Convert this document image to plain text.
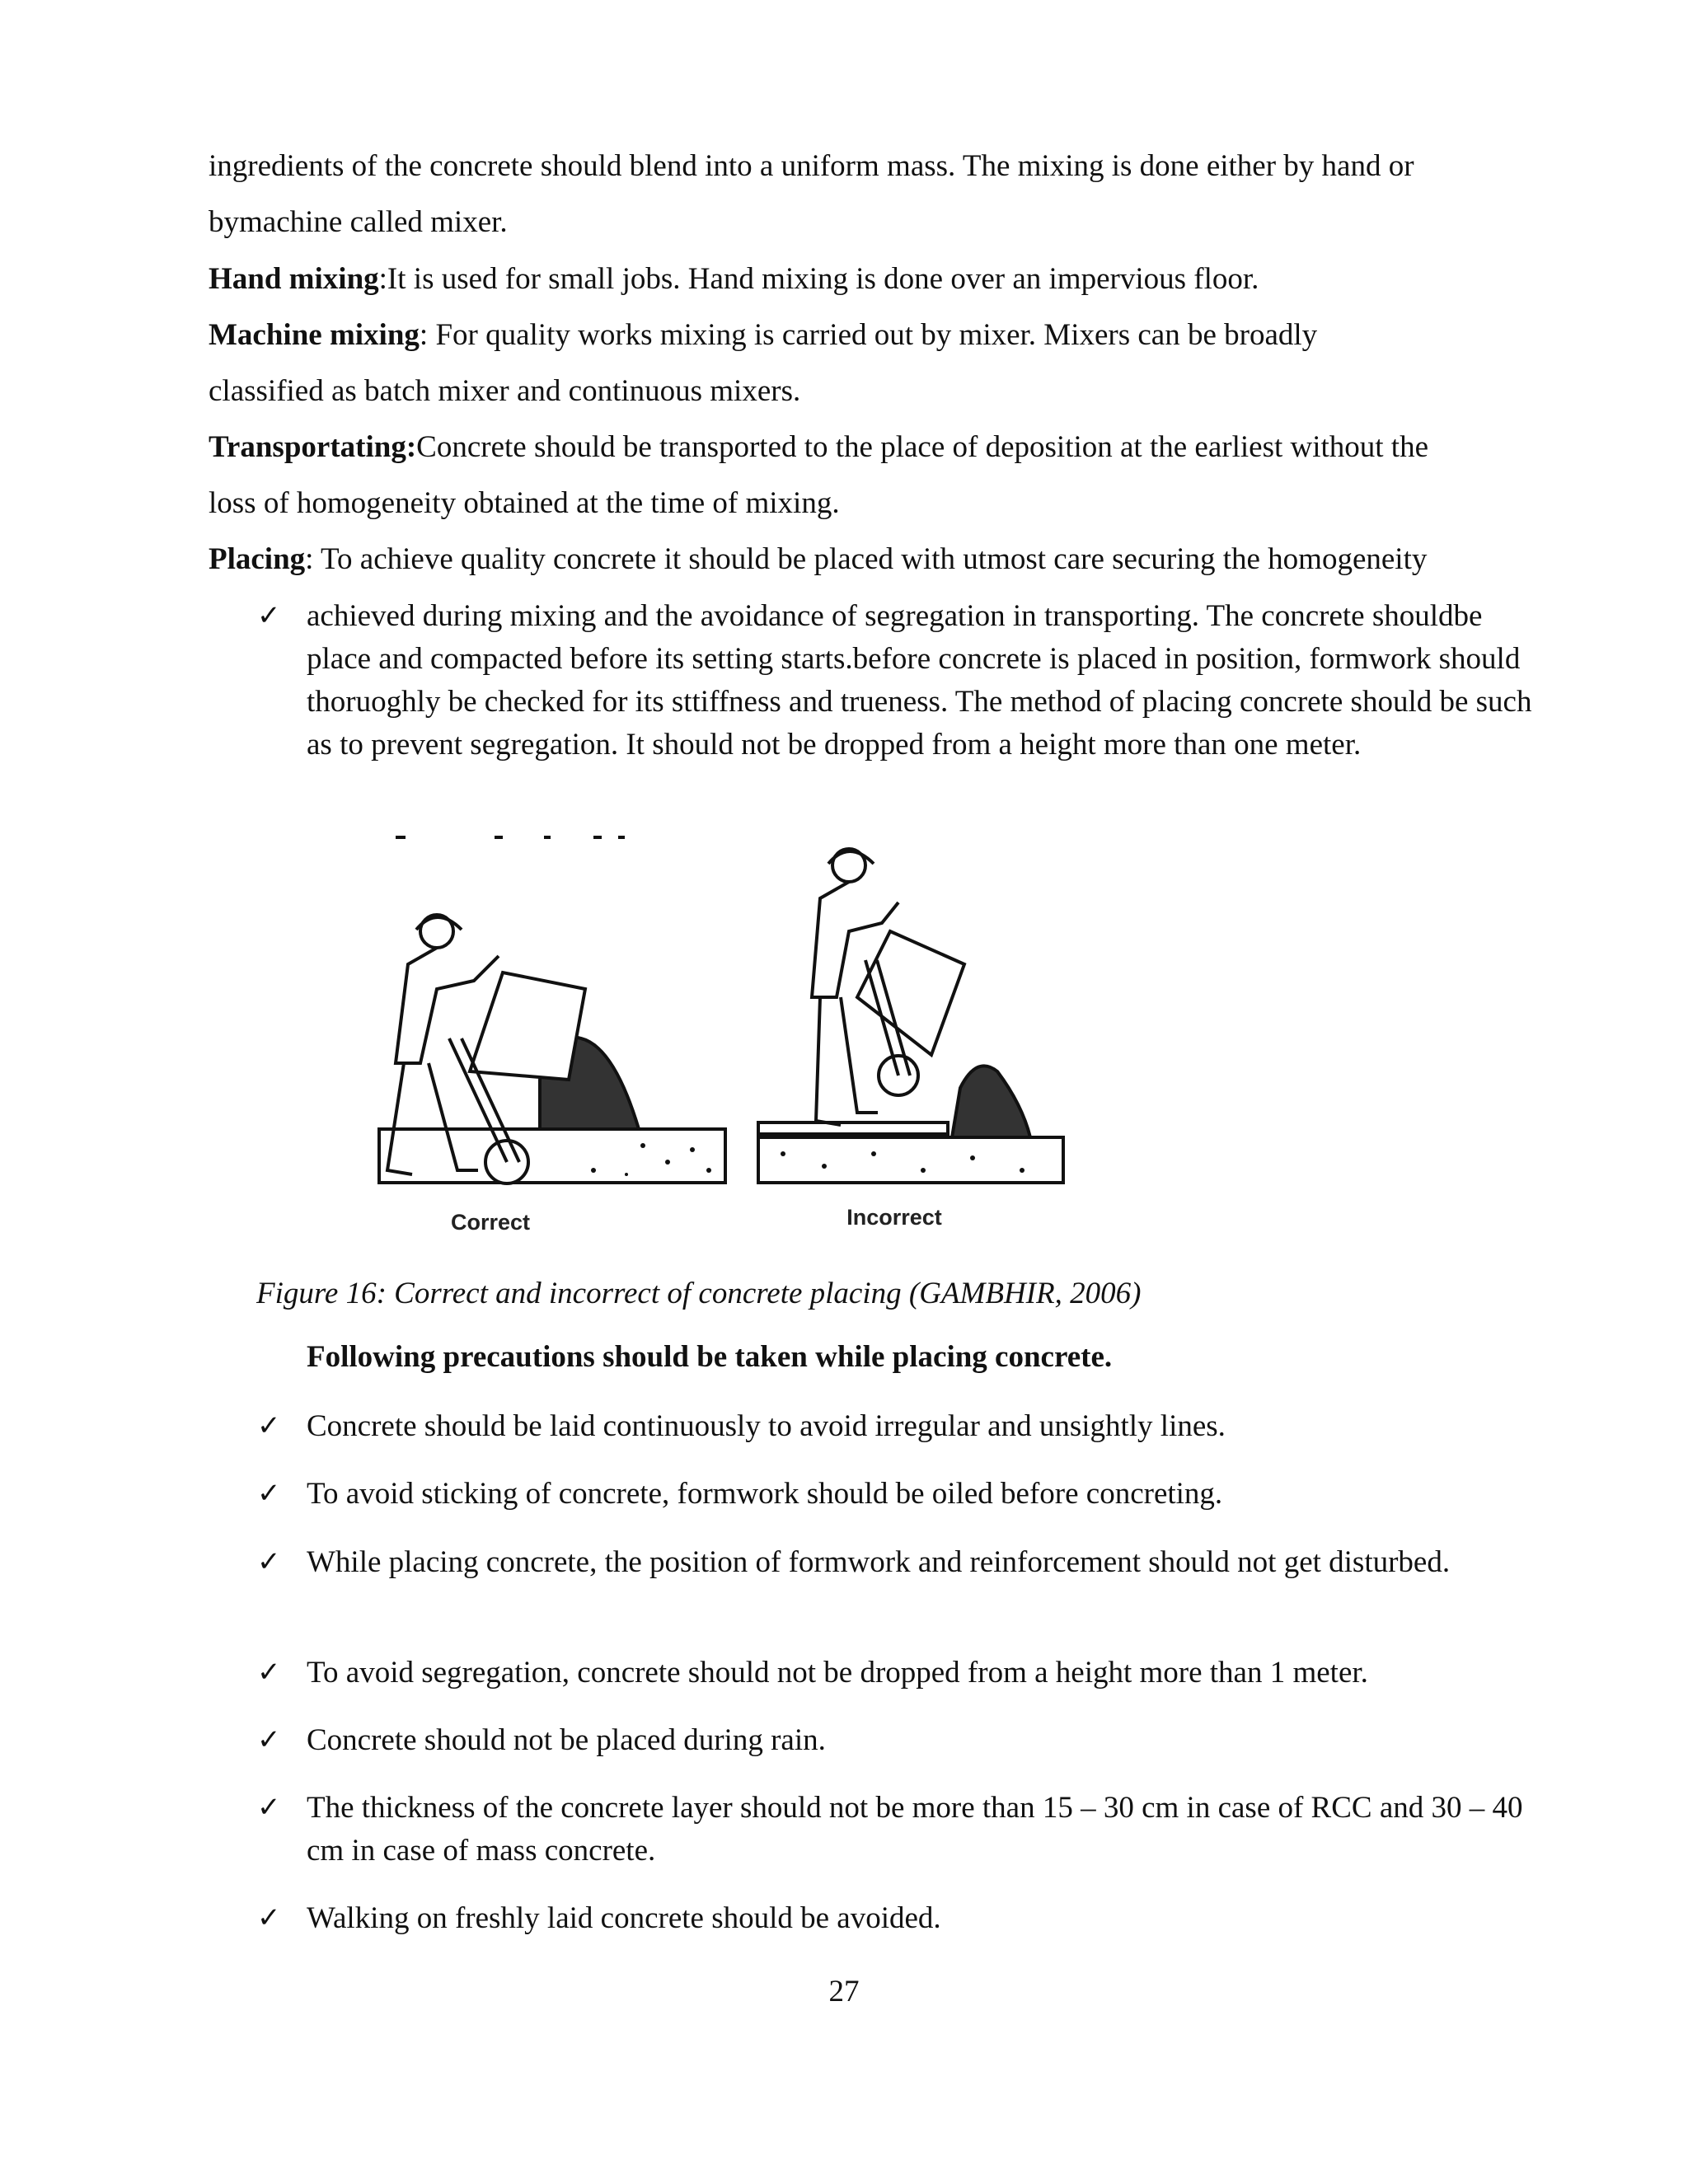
ingredients of the concrete should blend into a uniform mass. The mixing is done either by hand or

bymachine called mixer.

Hand mixing:It is used for small jobs. Hand mixing is done over an impervious floor.

Machine mixing: For quality works mixing is carried out by mixer. Mixers can be broadly

classified as batch mixer and continuous mixers.

Transportating:Concrete should be transported to the place of deposition at the earliest without the

loss of homogeneity obtained at the time of mixing.

Placing: To achieve quality concrete it should be placed with utmost care securing the homogeneity

✓ achieved during mixing and the avoidance of segregation in transporting. The concrete shouldbe place and compacted before its setting starts.before concrete is placed in position, formwork should thoruoghly be checked for its sttiffness and trueness. The method of placing concrete should be such as to prevent segregation. It should not be dropped from a height more than one meter.

Correct	Incorrect
Figure 16: Correct and incorrect of concrete placing (GAMBHIR, 2006)
Following precautions should be taken while placing concrete.
✓ Concrete should be laid continuously to avoid irregular and unsightly lines.

✓ To avoid sticking of concrete, formwork should be oiled before concreting.

✓ While placing concrete, the position of formwork and reinforcement should not get disturbed.

✓ To avoid segregation, concrete should not be dropped from a height more than 1 meter.

✓ Concrete should not be placed during rain.

✓ The thickness of the concrete layer should not be more than 15 – 30 cm in case of RCC and 30 – 40 cm in case of mass concrete.

✓ Walking on freshly laid concrete should be avoided.

27
